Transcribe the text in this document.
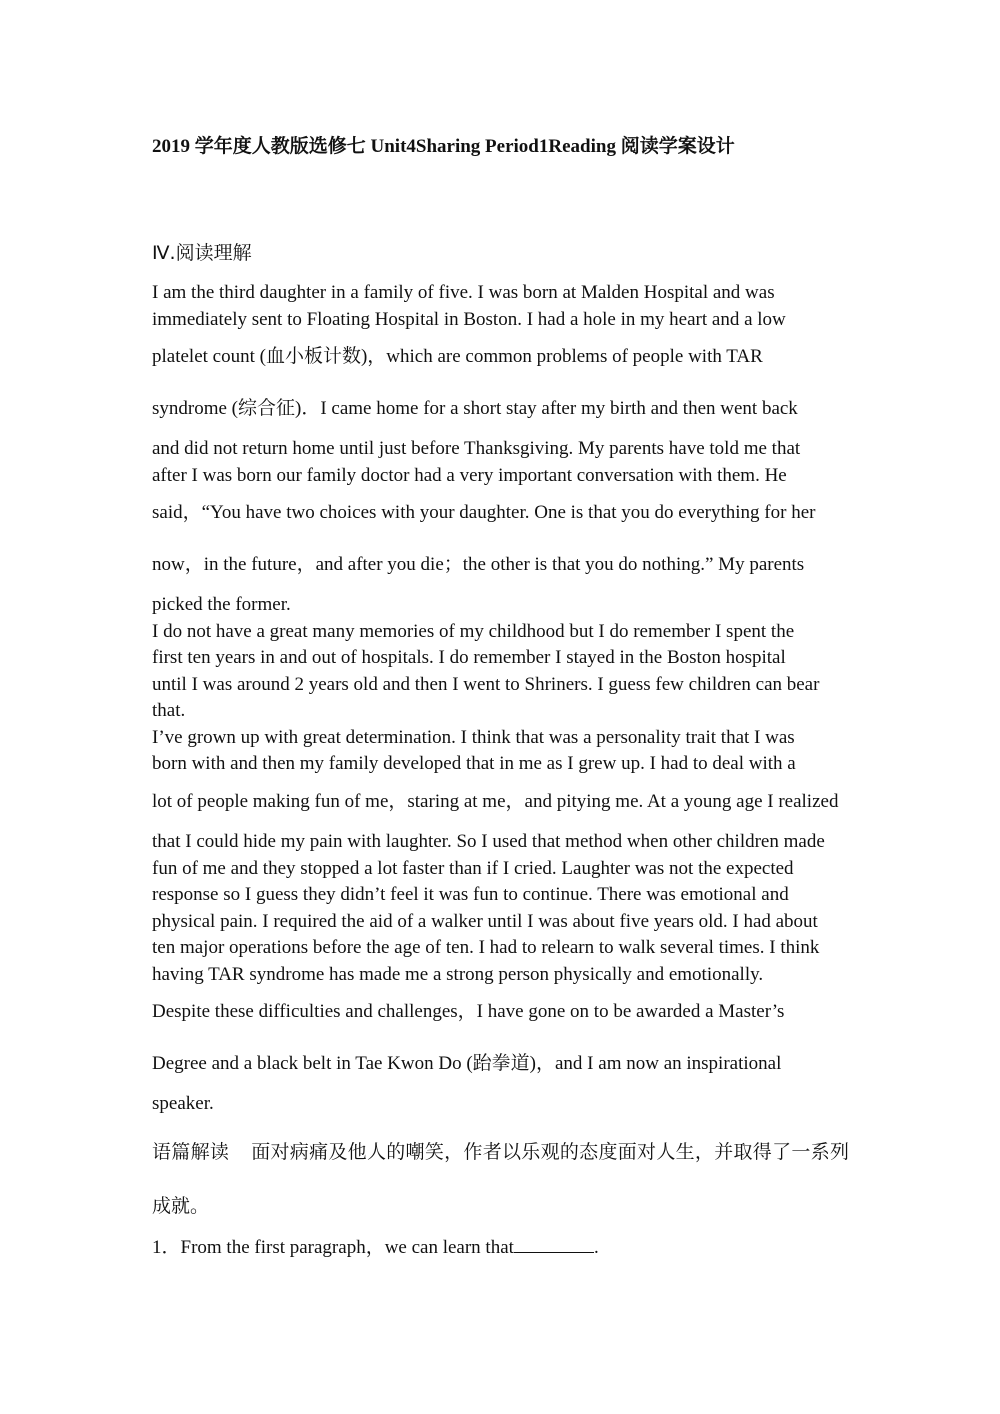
2019 学年度人教版选修七 Unit4Sharing Period1Reading 阅读学案设计
Ⅳ.阅读理解
I am the third daughter in a family of five. I was born at Malden Hospital and was
immediately sent to Floating Hospital in Boston. I had a hole in my heart and a low
platelet count (血小板计数)，which are common problems of people with TAR
syndrome (综合征)．I came home for a short stay after my birth and then went back
and did not return home until just before Thanksgiving. My parents have told me that
after I was born our family doctor had a very important conversation with them. He
said，“You have two choices with your daughter. One is that you do everything for her
now，in the future，and after you die；the other is that you do nothing.” My parents
picked the former.
I do not have a great many memories of my childhood but I do remember I spent the
first ten years in and out of hospitals. I do remember I stayed in the Boston hospital
until I was around 2 years old and then I went to Shriners. I guess few children can bear
that.
I’ve grown up with great determination. I think that was a personality trait that I was
born with and then my family developed that in me as I grew up. I had to deal with a
lot of people making fun of me，staring at me，and pitying me. At a young age I realized
that I could hide my pain with laughter. So I used that method when other children made
fun of me and they stopped a lot faster than if I cried. Laughter was not the expected
response so I guess they didn’t feel it was fun to continue. There was emotional and
physical pain. I required the aid of a walker until I was about five years old. I had about
ten major operations before the age of ten. I had to relearn to walk several times. I think
having TAR syndrome has made me a strong person physically and emotionally.
Despite these difficulties and challenges，I have gone on to be awarded a Master’s
Degree and a black belt in Tae Kwon Do (跆拳道)，and I am now an inspirational
speaker.
语篇解读 面对病痛及他人的嘲笑，作者以乐观的态度面对人生，并取得了一系列成就。
1．From the first paragraph，we can learn that	.
